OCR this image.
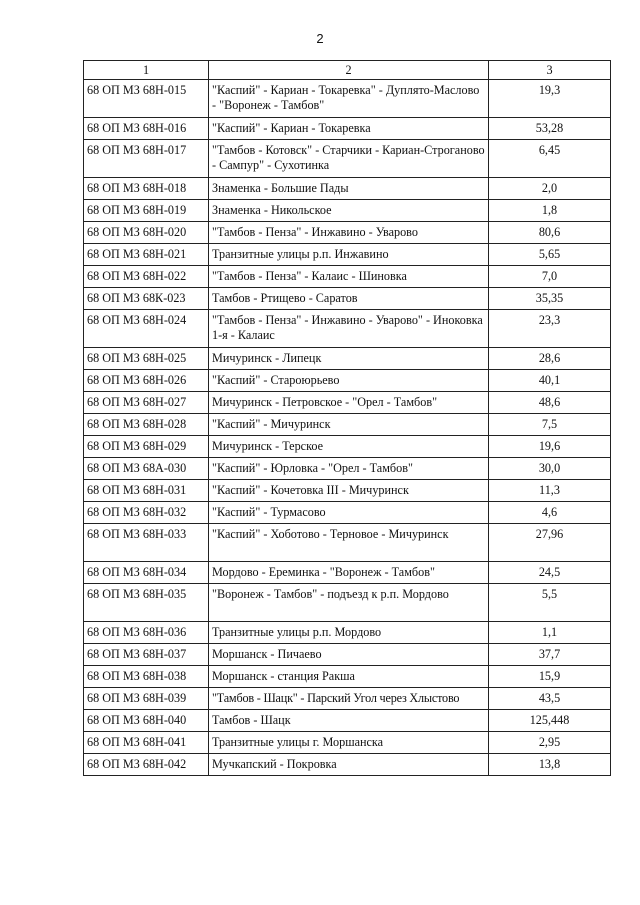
2
1	2	3
68 ОП МЗ 68Н-015	"Каспий" - Кариан - Токаревка" - Дуплято-Маслово - "Воронеж - Тамбов"	19,3
68 ОП МЗ 68Н-016	"Каспий" - Кариан - Токаревка	53,28
68 ОП МЗ 68Н-017	"Тамбов - Котовск" - Старчики - Кариан-Строганово - Сампур" - Сухотинка	6,45
68 ОП МЗ 68Н-018	Знаменка - Большие Пады	2,0
68 ОП МЗ 68Н-019	Знаменка - Никольское	1,8
68 ОП МЗ 68Н-020	"Тамбов - Пенза" - Инжавино - Уварово	80,6
68 ОП МЗ 68Н-021	Транзитные улицы р.п. Инжавино	5,65
68 ОП МЗ 68Н-022	"Тамбов - Пенза" - Калаис - Шиновка	7,0
68 ОП МЗ 68К-023	Тамбов - Ртищево - Саратов	35,35
68 ОП МЗ 68Н-024	"Тамбов - Пенза" - Инжавино - Уварово" - Иноковка 1-я - Калаис	23,3
68 ОП МЗ 68Н-025	Мичуринск - Липецк	28,6
68 ОП МЗ 68Н-026	"Каспий" - Староюрьево	40,1
68 ОП МЗ 68Н-027	Мичуринск - Петровское - "Орел - Тамбов"	48,6
68 ОП МЗ 68Н-028	"Каспий" - Мичуринск	7,5
68 ОП МЗ 68Н-029	Мичуринск - Терское	19,6
68 ОП МЗ 68А-030	"Каспий" - Юрловка - "Орел - Тамбов"	30,0
68 ОП МЗ 68Н-031	"Каспий" - Кочетовка III - Мичуринск	11,3
68 ОП МЗ 68Н-032	"Каспий" - Турмасово	4,6
68 ОП МЗ 68Н-033	"Каспий" - Хоботово - Терновое - Мичуринск	27,96
68 ОП МЗ 68Н-034	Мордово - Ереминка - "Воронеж - Тамбов"	24,5
68 ОП МЗ 68Н-035	"Воронеж - Тамбов" - подъезд к р.п. Мордово	5,5
68 ОП МЗ 68Н-036	Транзитные улицы р.п. Мордово	1,1
68 ОП МЗ 68Н-037	Моршанск - Пичаево	37,7
68 ОП МЗ 68Н-038	Моршанск - станция Ракша	15,9
68 ОП МЗ 68Н-039	"Тамбов - Шацк" - Парский Угол через Хлыстово	43,5
68 ОП МЗ 68Н-040	Тамбов - Шацк	125,448
68 ОП МЗ 68Н-041	Транзитные улицы г. Моршанска	2,95
68 ОП МЗ 68Н-042	Мучкапский - Покровка	13,8
